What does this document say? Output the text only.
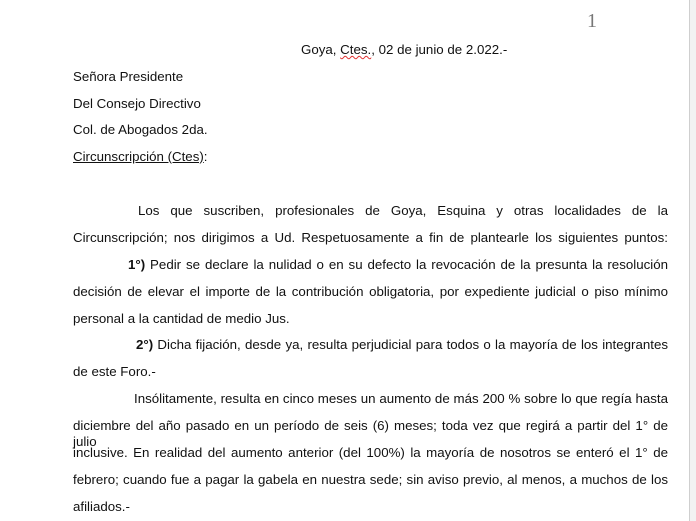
1
Goya, Ctes., 02 de junio de 2.022.-
Señora Presidente
Del Consejo Directivo
Col. de Abogados 2da.
Circunscripción (Ctes):
Los que suscriben, profesionales de Goya, Esquina y otras localidades de la
Circunscripción; nos dirigimos a Ud. Respetuosamente a fin de plantearle los siguientes puntos:
1°) Pedir se declare la nulidad o en su defecto la revocación de la presunta la resolución
decisión de elevar el importe de la contribución obligatoria, por expediente judicial o piso mínimo
personal a la cantidad de medio Jus.
2°) Dicha fijación, desde ya, resulta perjudicial para todos o la mayoría de los integrantes
de este Foro.-
Insólitamente, resulta en cinco meses un aumento de más 200 % sobre lo que regía hasta
diciembre del año pasado en un período de seis (6) meses; toda vez que regirá a partir del 1° de julio
inclusive. En realidad del aumento anterior (del 100%) la mayoría de nosotros se enteró el 1° de
febrero; cuando fue a pagar la gabela en nuestra sede; sin aviso previo, al menos, a muchos de los
afiliados.-
